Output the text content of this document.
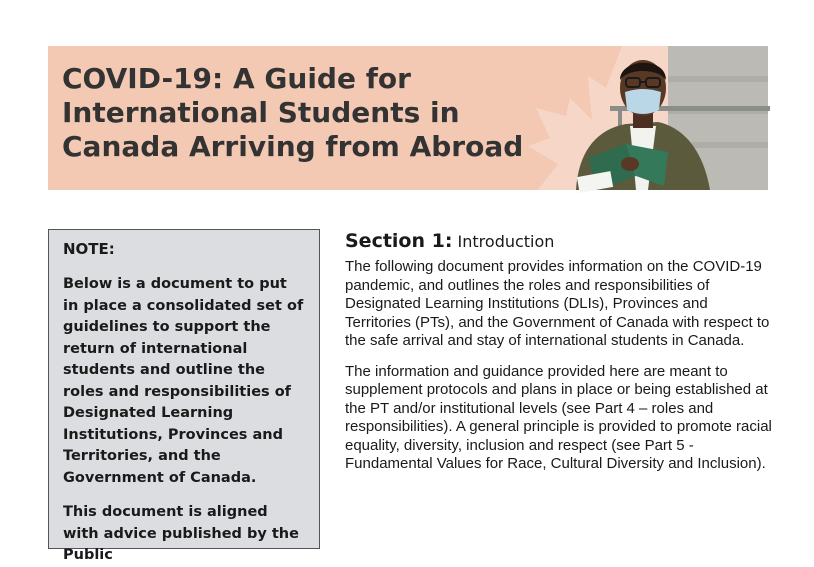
COVID-19: A Guide for International Students in Canada Arriving from Abroad

NOTE:

Below is a document to put in place a consolidated set of guidelines to support the return of international students and outline the roles and responsibilities of Designated Learning Institutions, Provinces and Territories, and the Government of Canada.

This document is aligned with advice published by the Public

Section 1: Introduction

The following document provides information on the COVID-19 pandemic, and outlines the roles and responsibilities of Designated Learning Institutions (DLIs), Provinces and Territories (PTs), and the Government of Canada with respect to the safe arrival and stay of international students in Canada.

The information and guidance provided here are meant to supplement protocols and plans in place or being established at the PT and/or institutional levels (see Part 4 – roles and responsibilities). A general principle is provided to promote racial equality, diversity, inclusion and respect (see Part 5 - Fundamental Values for Race, Cultural Diversity and Inclusion).
